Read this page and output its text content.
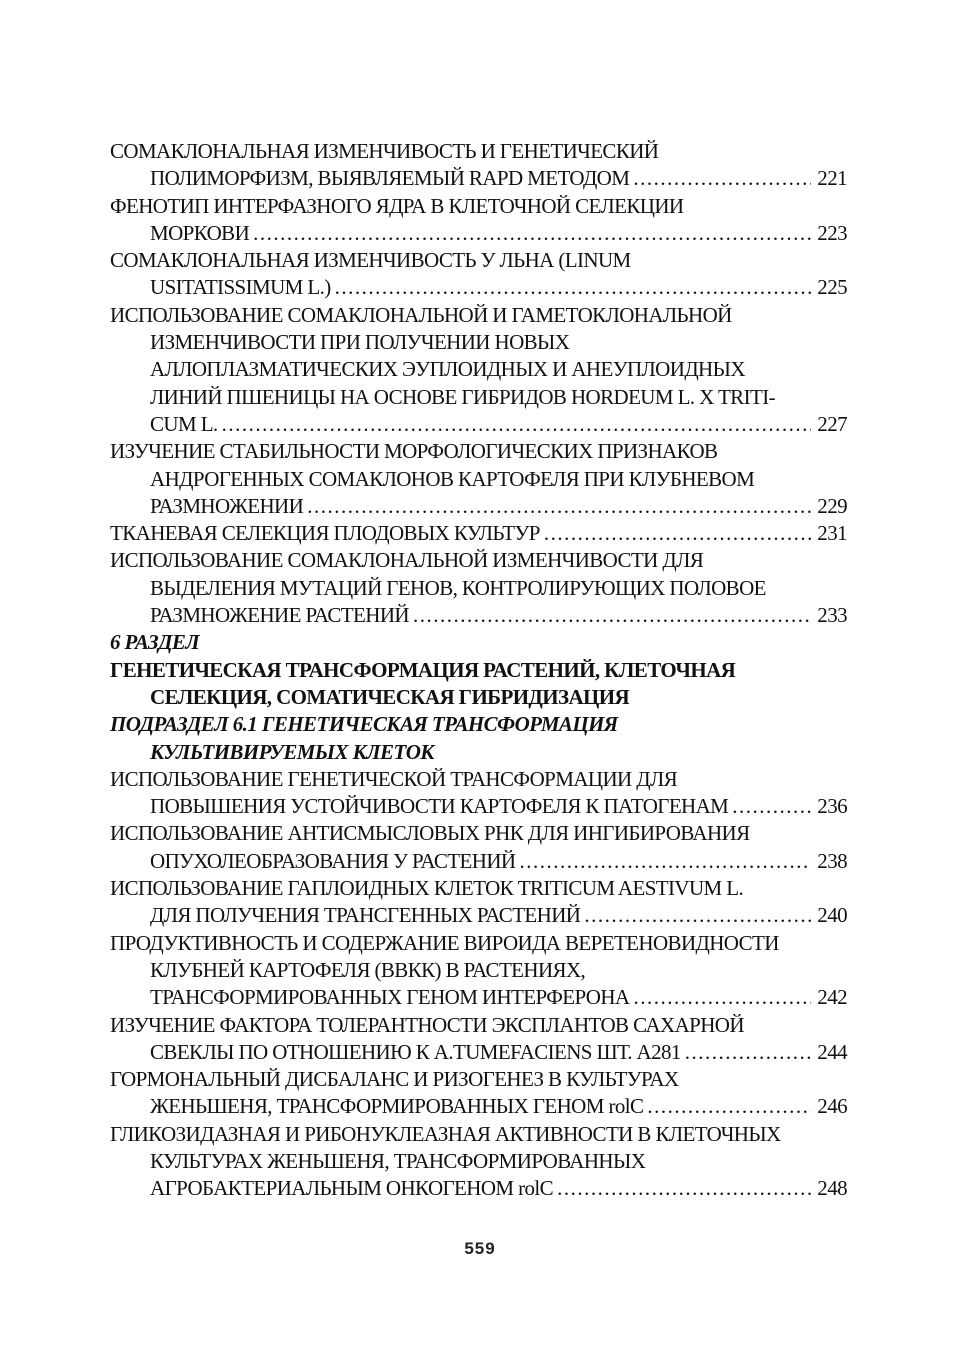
СОМАКЛОНАЛЬНАЯ ИЗМЕНЧИВОСТЬ И ГЕНЕТИЧЕСКИЙ
ПОЛИМОРФИЗМ, ВЫЯВЛЯЕМЫЙ RAPD МЕТОДОМ .....	221
ФЕНОТИП ИНТЕРФАЗНОГО ЯДРА В КЛЕТОЧНОЙ СЕЛЕКЦИИ
МОРКОВИ .....	223
СОМАКЛОНАЛЬНАЯ ИЗМЕНЧИВОСТЬ У ЛЬНА (LINUM
USITATISSIMUM L.) .....	225
ИСПОЛЬЗОВАНИЕ СОМАКЛОНАЛЬНОЙ И ГАМЕТОКЛОНАЛЬНОЙ
ИЗМЕНЧИВОСТИ ПРИ ПОЛУЧЕНИИ НОВЫХ
АЛЛОПЛАЗМАТИЧЕСКИХ ЭУПЛОИДНЫХ И АНЕУПЛОИДНЫХ
ЛИНИЙ ПШЕНИЦЫ НА ОСНОВЕ ГИБРИДОВ HORDEUM L. X TRITI-
CUM L. .....	227
ИЗУЧЕНИЕ СТАБИЛЬНОСТИ МОРФОЛОГИЧЕСКИХ ПРИЗНАКОВ
АНДРОГЕННЫХ СОМАКЛОНОВ КАРТОФЕЛЯ ПРИ КЛУБНЕВОМ
РАЗМНОЖЕНИИ .....	229
ТКАНЕВАЯ СЕЛЕКЦИЯ ПЛОДОВЫХ КУЛЬТУР .....	231
ИСПОЛЬЗОВАНИЕ СОМАКЛОНАЛЬНОЙ ИЗМЕНЧИВОСТИ ДЛЯ
ВЫДЕЛЕНИЯ МУТАЦИЙ ГЕНОВ, КОНТРОЛИРУЮЩИХ ПОЛОВОЕ
РАЗМНОЖЕНИЕ РАСТЕНИЙ .....	233
6 РАЗДЕЛ
ГЕНЕТИЧЕСКАЯ ТРАНСФОРМАЦИЯ РАСТЕНИЙ, КЛЕТОЧНАЯ
СЕЛЕКЦИЯ, СОМАТИЧЕСКАЯ ГИБРИДИЗАЦИЯ
ПОДРАЗДЕЛ 6.1 ГЕНЕТИЧЕСКАЯ ТРАНСФОРМАЦИЯ
КУЛЬТИВИРУЕМЫХ КЛЕТОК
ИСПОЛЬЗОВАНИЕ ГЕНЕТИЧЕСКОЙ ТРАНСФОРМАЦИИ ДЛЯ
ПОВЫШЕНИЯ УСТОЙЧИВОСТИ КАРТОФЕЛЯ К ПАТОГЕНАМ .....	236
ИСПОЛЬЗОВАНИЕ АНТИСМЫСЛОВЫХ РНК ДЛЯ ИНГИБИРОВАНИЯ
ОПУХОЛЕОБРАЗОВАНИЯ У РАСТЕНИЙ .....	238
ИСПОЛЬЗОВАНИЕ ГАПЛОИДНЫХ КЛЕТОК TRITICUM AESTIVUM L.
ДЛЯ ПОЛУЧЕНИЯ ТРАНСГЕННЫХ РАСТЕНИЙ .....	240
ПРОДУКТИВНОСТЬ И СОДЕРЖАНИЕ ВИРОИДА ВЕРЕТЕНОВИДНОСТИ
КЛУБНЕЙ КАРТОФЕЛЯ (ВВКК) В РАСТЕНИЯХ,
ТРАНСФОРМИРОВАННЫХ ГЕНОМ ИНТЕРФЕРОНА .....	242
ИЗУЧЕНИЕ ФАКТОРА ТОЛЕРАНТНОСТИ ЭКСПЛАНТОВ САХАРНОЙ
СВЕКЛЫ ПО ОТНОШЕНИЮ К A.TUMEFACIENS ШТ. A281 .....	244
ГОРМОНАЛЬНЫЙ ДИСБАЛАНС И РИЗОГЕНЕЗ В КУЛЬТУРАХ
ЖЕНЬШЕНЯ, ТРАНСФОРМИРОВАННЫХ ГЕНОМ rolC .....	246
ГЛИКОЗИДАЗНАЯ И РИБОНУКЛЕАЗНАЯ АКТИВНОСТИ В КЛЕТОЧНЫХ
КУЛЬТУРАХ ЖЕНЬШЕНЯ, ТРАНСФОРМИРОВАННЫХ
АГРОБАКТЕРИАЛЬНЫМ ОНКОГЕНОМ rolC .....	248
559
